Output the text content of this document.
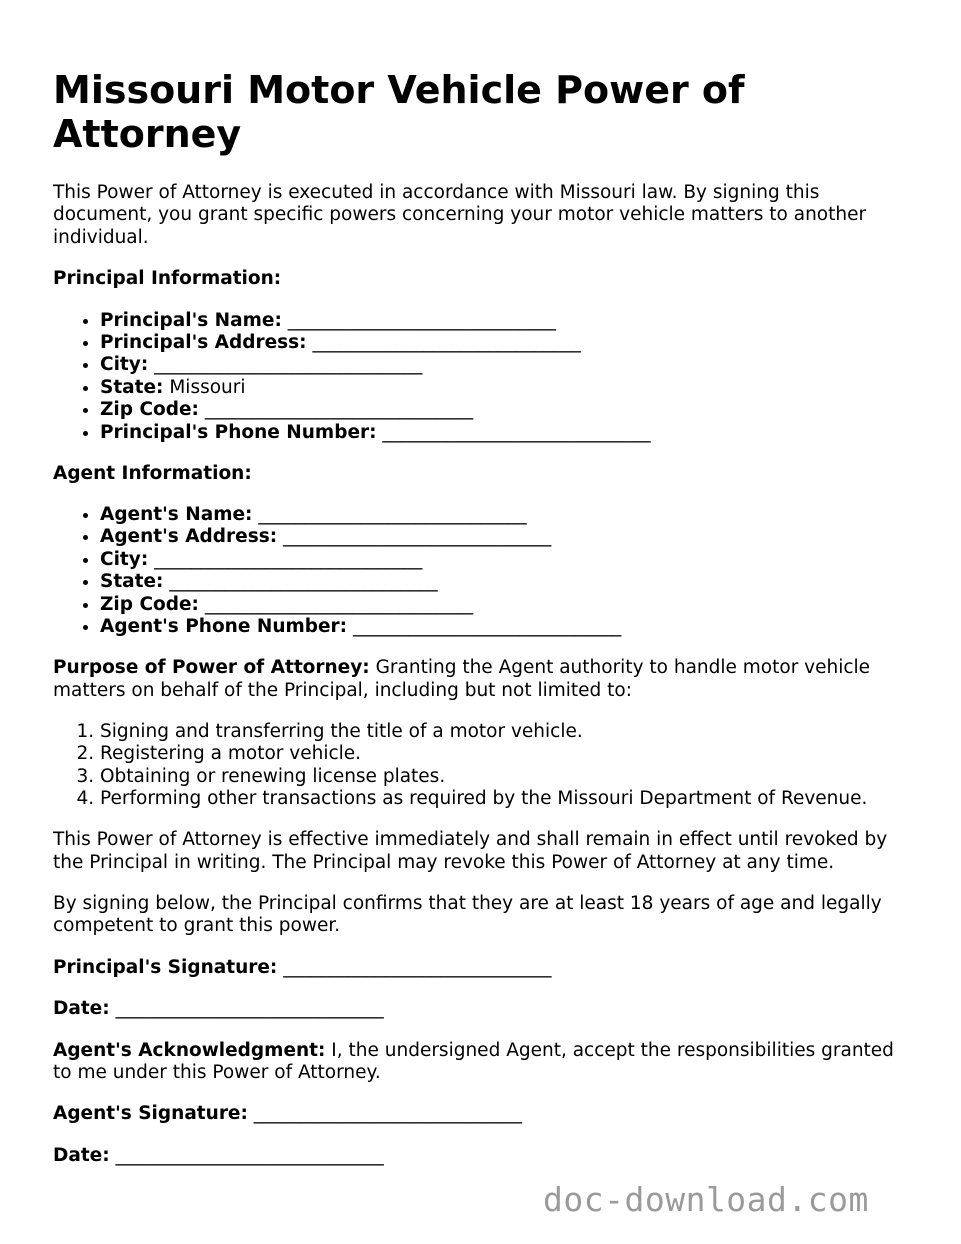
Missouri Motor Vehicle Power of Attorney

This Power of Attorney is executed in accordance with Missouri law. By signing this document, you grant specific powers concerning your motor vehicle matters to another individual.

Principal Information:

• Principal's Name: _____________________________
• Principal's Address: _____________________________
• City: _____________________________
• State: Missouri
• Zip Code: _____________________________
• Principal's Phone Number: _____________________________

Agent Information:

• Agent's Name: _____________________________
• Agent's Address: _____________________________
• City: _____________________________
• State: _____________________________
• Zip Code: _____________________________
• Agent's Phone Number: _____________________________

Purpose of Power of Attorney: Granting the Agent authority to handle motor vehicle matters on behalf of the Principal, including but not limited to:

1. Signing and transferring the title of a motor vehicle.
2. Registering a motor vehicle.
3. Obtaining or renewing license plates.
4. Performing other transactions as required by the Missouri Department of Revenue.

This Power of Attorney is effective immediately and shall remain in effect until revoked by the Principal in writing. The Principal may revoke this Power of Attorney at any time.

By signing below, the Principal confirms that they are at least 18 years of age and legally competent to grant this power.

Principal's Signature: _____________________________

Date: _____________________________

Agent's Acknowledgment: I, the undersigned Agent, accept the responsibilities granted to me under this Power of Attorney.

Agent's Signature: _____________________________

Date: _____________________________

doc-download.com
